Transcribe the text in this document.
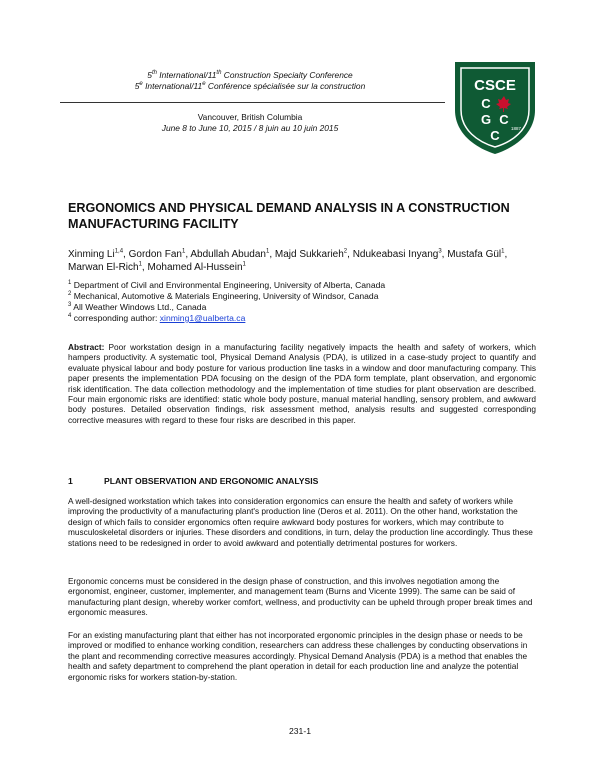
5th International/11th Construction Specialty Conference
5e International/11e Conférence spécialisée sur la construction
Vancouver, British Columbia
June 8 to June 10, 2015 / 8 juin au 10 juin 2015
CSCE
C
G C
C	1887
ERGONOMICS AND PHYSICAL DEMAND ANALYSIS IN A CONSTRUCTION MANUFACTURING FACILITY
Xinming Li$^{1,4}$, Gordon Fan$^1$, Abdullah Abudan$^1$, Majd Sukkarieh$^2$, Ndukeabasi Inyang$^3$, Mustafa Gül$^1$, Marwan El-Rich$^1$, Mohamed Al-Hussein$^1$
$^1$ Department of Civil and Environmental Engineering, University of Alberta, Canada
$^2$ Mechanical, Automotive & Materials Engineering, University of Windsor, Canada
$^3$ All Weather Windows Ltd., Canada
$^4$ corresponding author: xinming1@ualberta.ca
Abstract: Poor workstation design in a manufacturing facility negatively impacts the health and safety of workers, which hampers productivity. A systematic tool, Physical Demand Analysis (PDA), is utilized in a case-study project to quantify and evaluate physical labour and body posture for various production line tasks in a window and door manufacturing company. This paper presents the implementation PDA focusing on the design of the PDA form template, plant observation, and ergonomic risk identification. The data collection methodology and the implementation of time studies for plant observation are described. Four main ergonomic risks are identified: static whole body posture, manual material handling, sensory problem, and awkward body postures. Detailed observation findings, risk assessment method, analysis results and suggested corresponding corrective measures with regard to these four risks are described in this paper.
1	PLANT OBSERVATION AND ERGONOMIC ANALYSIS
A well-designed workstation which takes into consideration ergonomics can ensure the health and safety of workers while improving the productivity of a manufacturing plant's production line (Deros et al. 2011). On the other hand, workstation the design of which fails to consider ergonomics often require awkward body postures for workers, which may contribute to musculoskeletal disorders or injuries. These disorders and conditions, in turn, delay the production line accordingly. Thus these stations need to be redesigned in order to avoid awkward and potentially detrimental postures for workers.
Ergonomic concerns must be considered in the design phase of construction, and this involves negotiation among the ergonomist, engineer, customer, implementer, and management team (Burns and Vicente 1999). The same can be said of manufacturing plant design, whereby worker comfort, wellness, and productivity can be upheld through proper break times and ergonomic measures.
For an existing manufacturing plant that either has not incorporated ergonomic principles in the design phase or needs to be improved or modified to enhance working condition, researchers can address these challenges by conducting observations in the plant and recommending corrective measures accordingly. Physical Demand Analysis (PDA) is a method that enables the health and safety department to comprehend the plant operation in detail for each production line and analyze the potential ergonomic risks for workers station-by-station.
231-1
